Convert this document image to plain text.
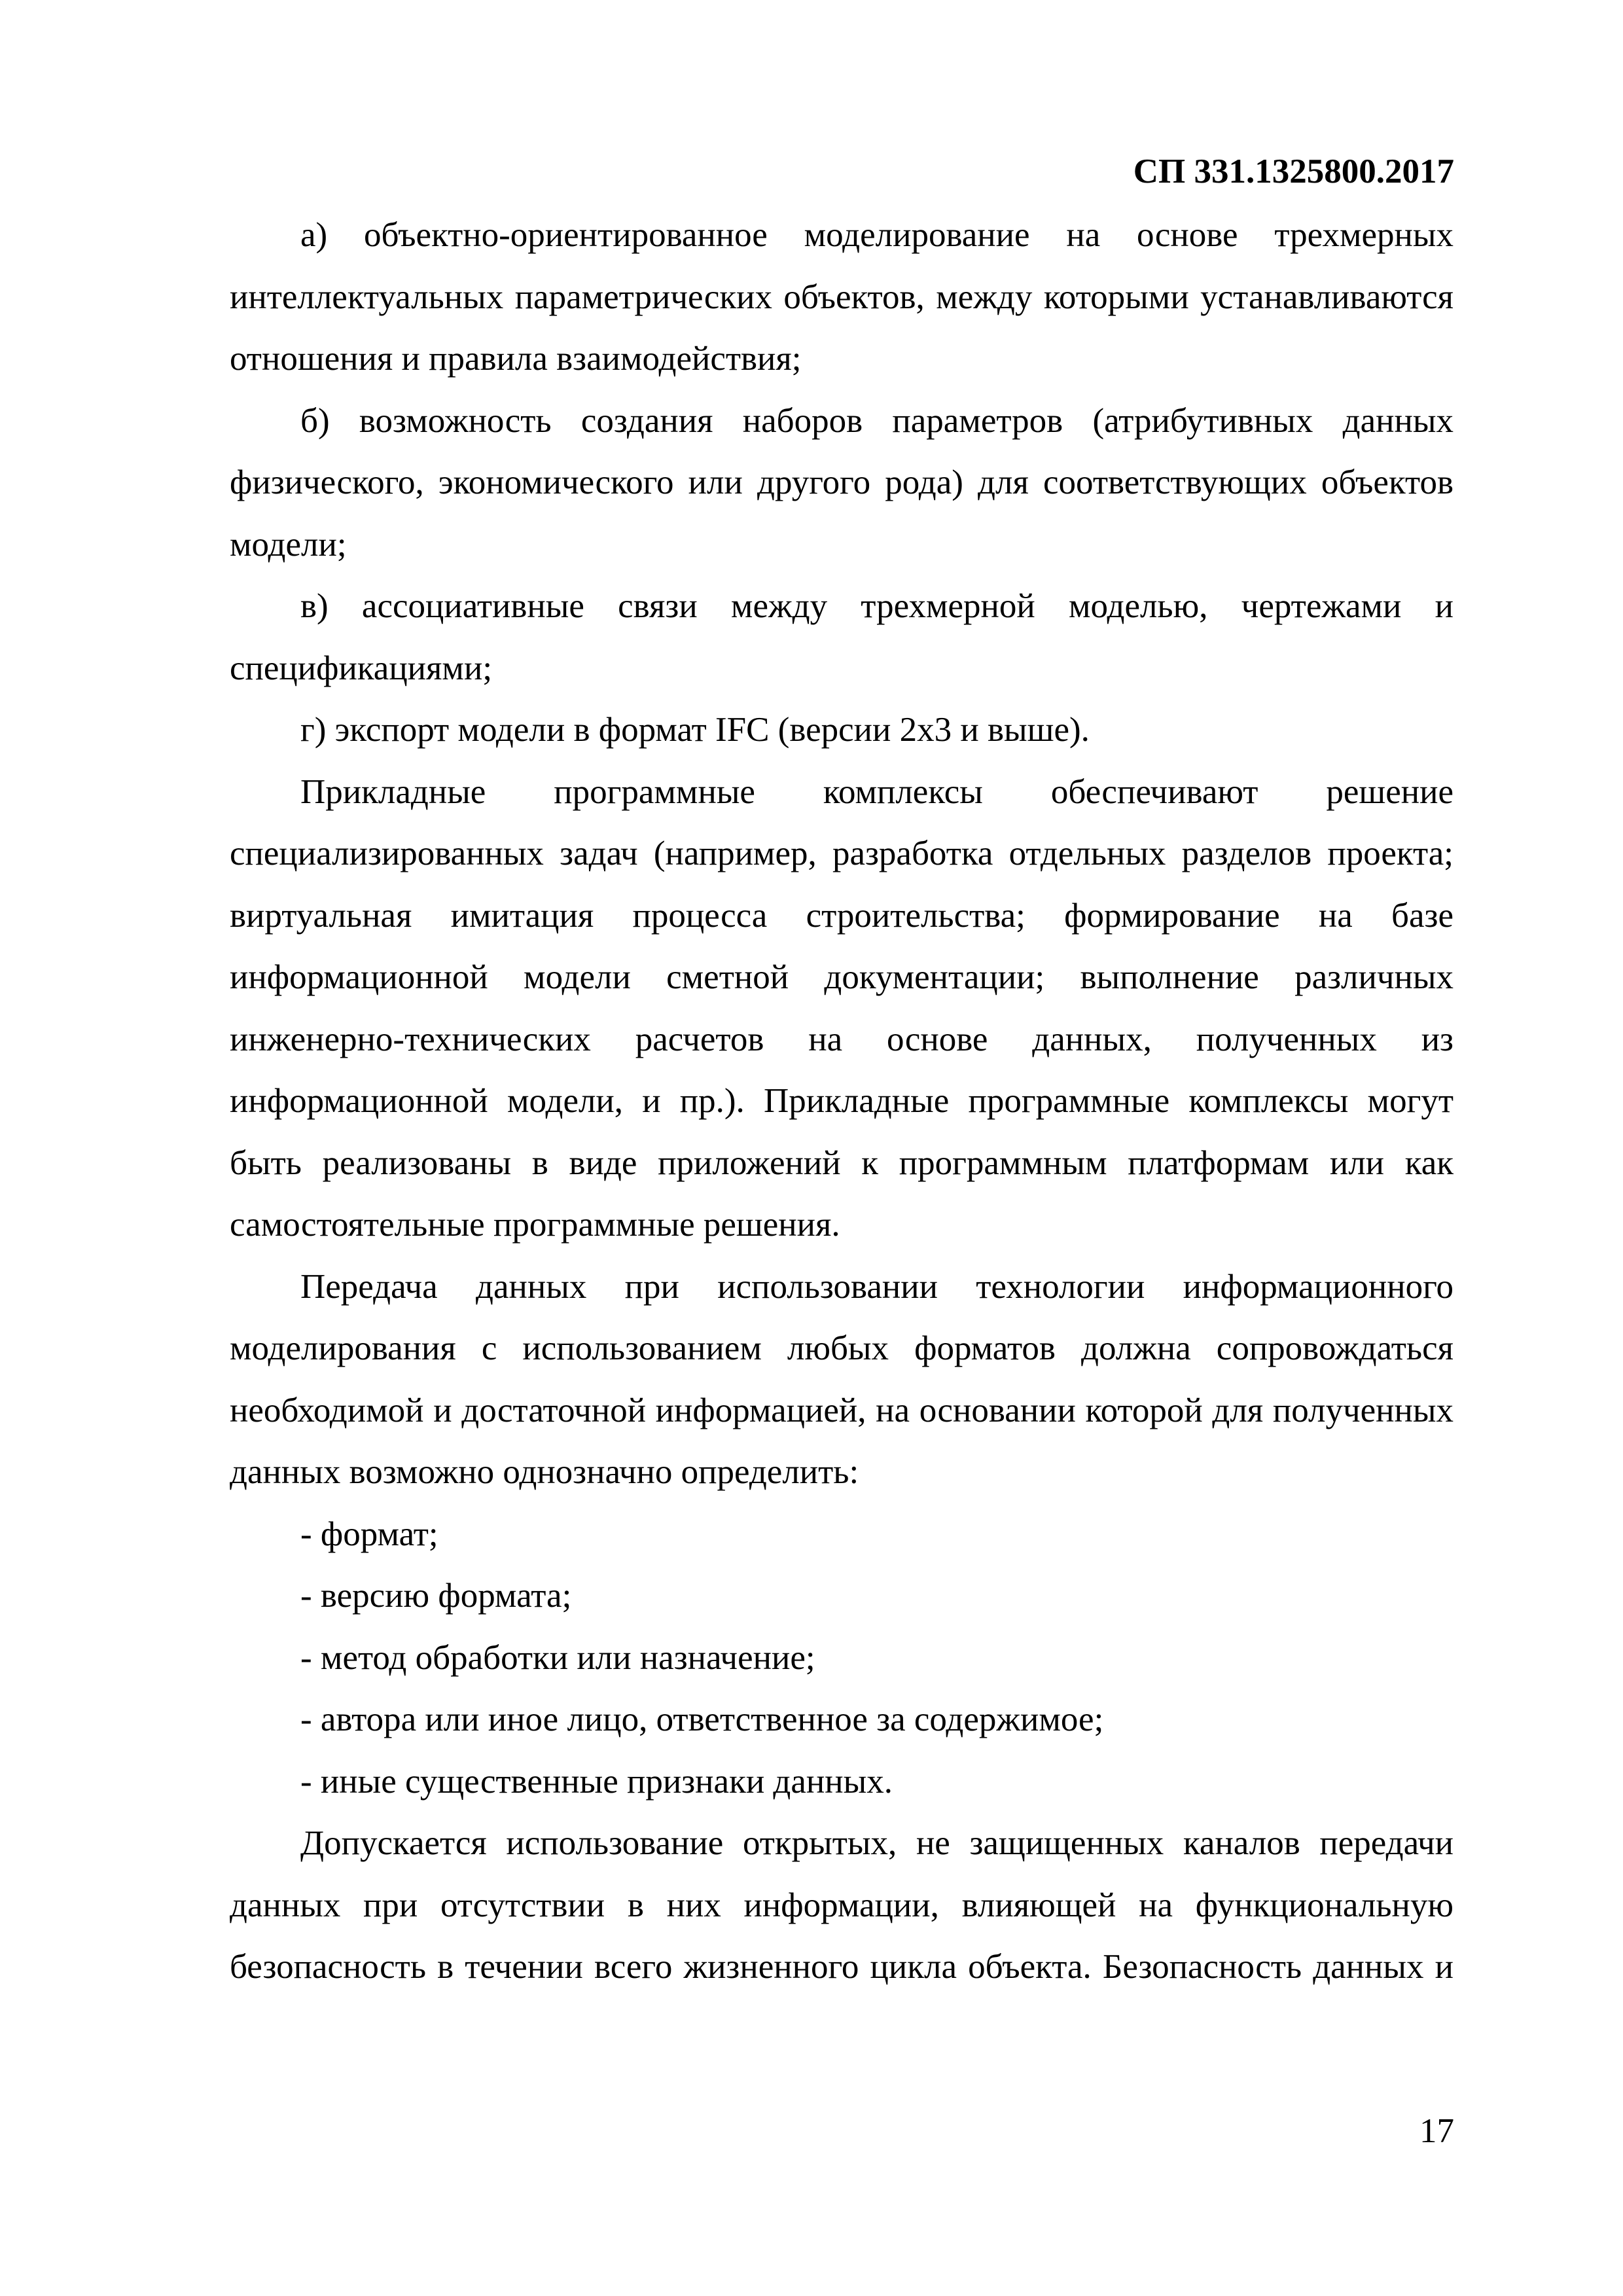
СП 331.1325800.2017

а) объектно-ориентированное моделирование на основе трехмерных интеллектуальных параметрических объектов, между которыми устанавливаются отношения и правила взаимодействия;

б) возможность создания наборов параметров (атрибутивных данных физического, экономического или другого рода) для соответствующих объектов модели;

в) ассоциативные связи между трехмерной моделью, чертежами и спецификациями;

г) экспорт модели в формат IFC (версии 2x3 и выше).

Прикладные программные комплексы обеспечивают решение специализированных задач (например, разработка отдельных разделов проекта; виртуальная имитация процесса строительства; формирование на базе информационной модели сметной документации; выполнение различных инженерно-технических расчетов на основе данных, полученных из информационной модели, и пр.). Прикладные программные комплексы могут быть реализованы в виде приложений к программным платформам или как самостоятельные программные решения.

Передача данных при использовании технологии информационного моделирования с использованием любых форматов должна сопровождаться необходимой и достаточной информацией, на основании которой для полученных данных возможно однозначно определить:

- формат;

- версию формата;

- метод обработки или назначение;

- автора или иное лицо, ответственное за содержимое;

- иные существенные признаки данных.

Допускается использование открытых, не защищенных каналов передачи данных при отсутствии в них информации, влияющей на функциональную безопасность в течении всего жизненного цикла объекта. Безопасность данных и

17
